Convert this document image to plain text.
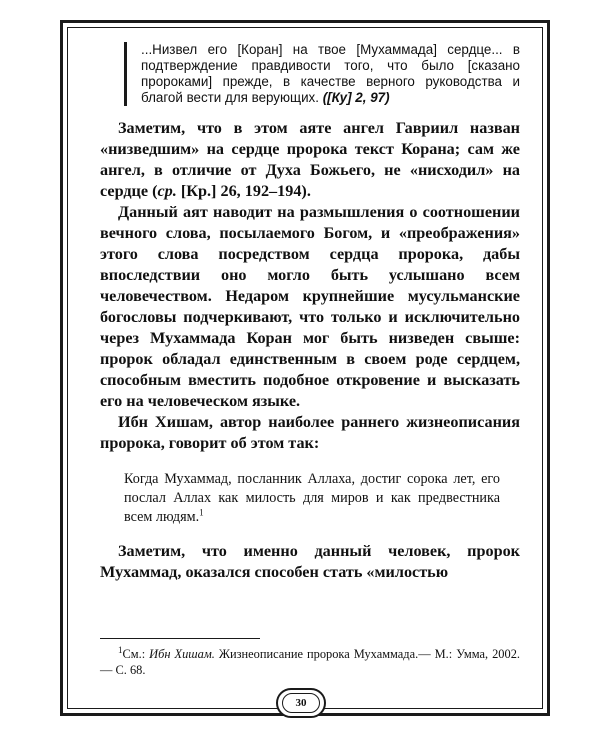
...Низвел его [Коран] на твое [Мухаммада] сердце... в подтверждение правдивости того, что было [сказано пророками] прежде, в качестве верного руководства и благой вести для верующих. ([Ку] 2, 97)

Заметим, что в этом аяте ангел Гавриил назван «низведшим» на сердце пророка текст Корана; сам же ангел, в отличие от Духа Божьего, не «нисходил» на сердце (ср. [Кр.] 26, 192–194).

Данный аят наводит на размышления о соотношении вечного слова, посылаемого Богом, и «преображения» этого слова посредством сердца пророка, дабы впоследствии оно могло быть услышано всем человечеством. Недаром крупнейшие мусульманские богословы подчеркивают, что только и исключительно через Мухаммада Коран мог быть низведен свыше: пророк обладал единственным в своем роде сердцем, способным вместить подобное откровение и высказать его на человеческом языке.

Ибн Хишам, автор наиболее раннего жизнеописания пророка, говорит об этом так:

Когда Мухаммад, посланник Аллаха, достиг сорока лет, его послал Аллах как милость для миров и как предвестника всем людям.$^1$

Заметим, что именно данный человек, пророк Мухаммад, оказался способен стать «милостью

$^1$См.: Ибн Хишам. Жизнеописание пророка Мухаммада.— М.: Умма, 2002.— С. 68.
30
